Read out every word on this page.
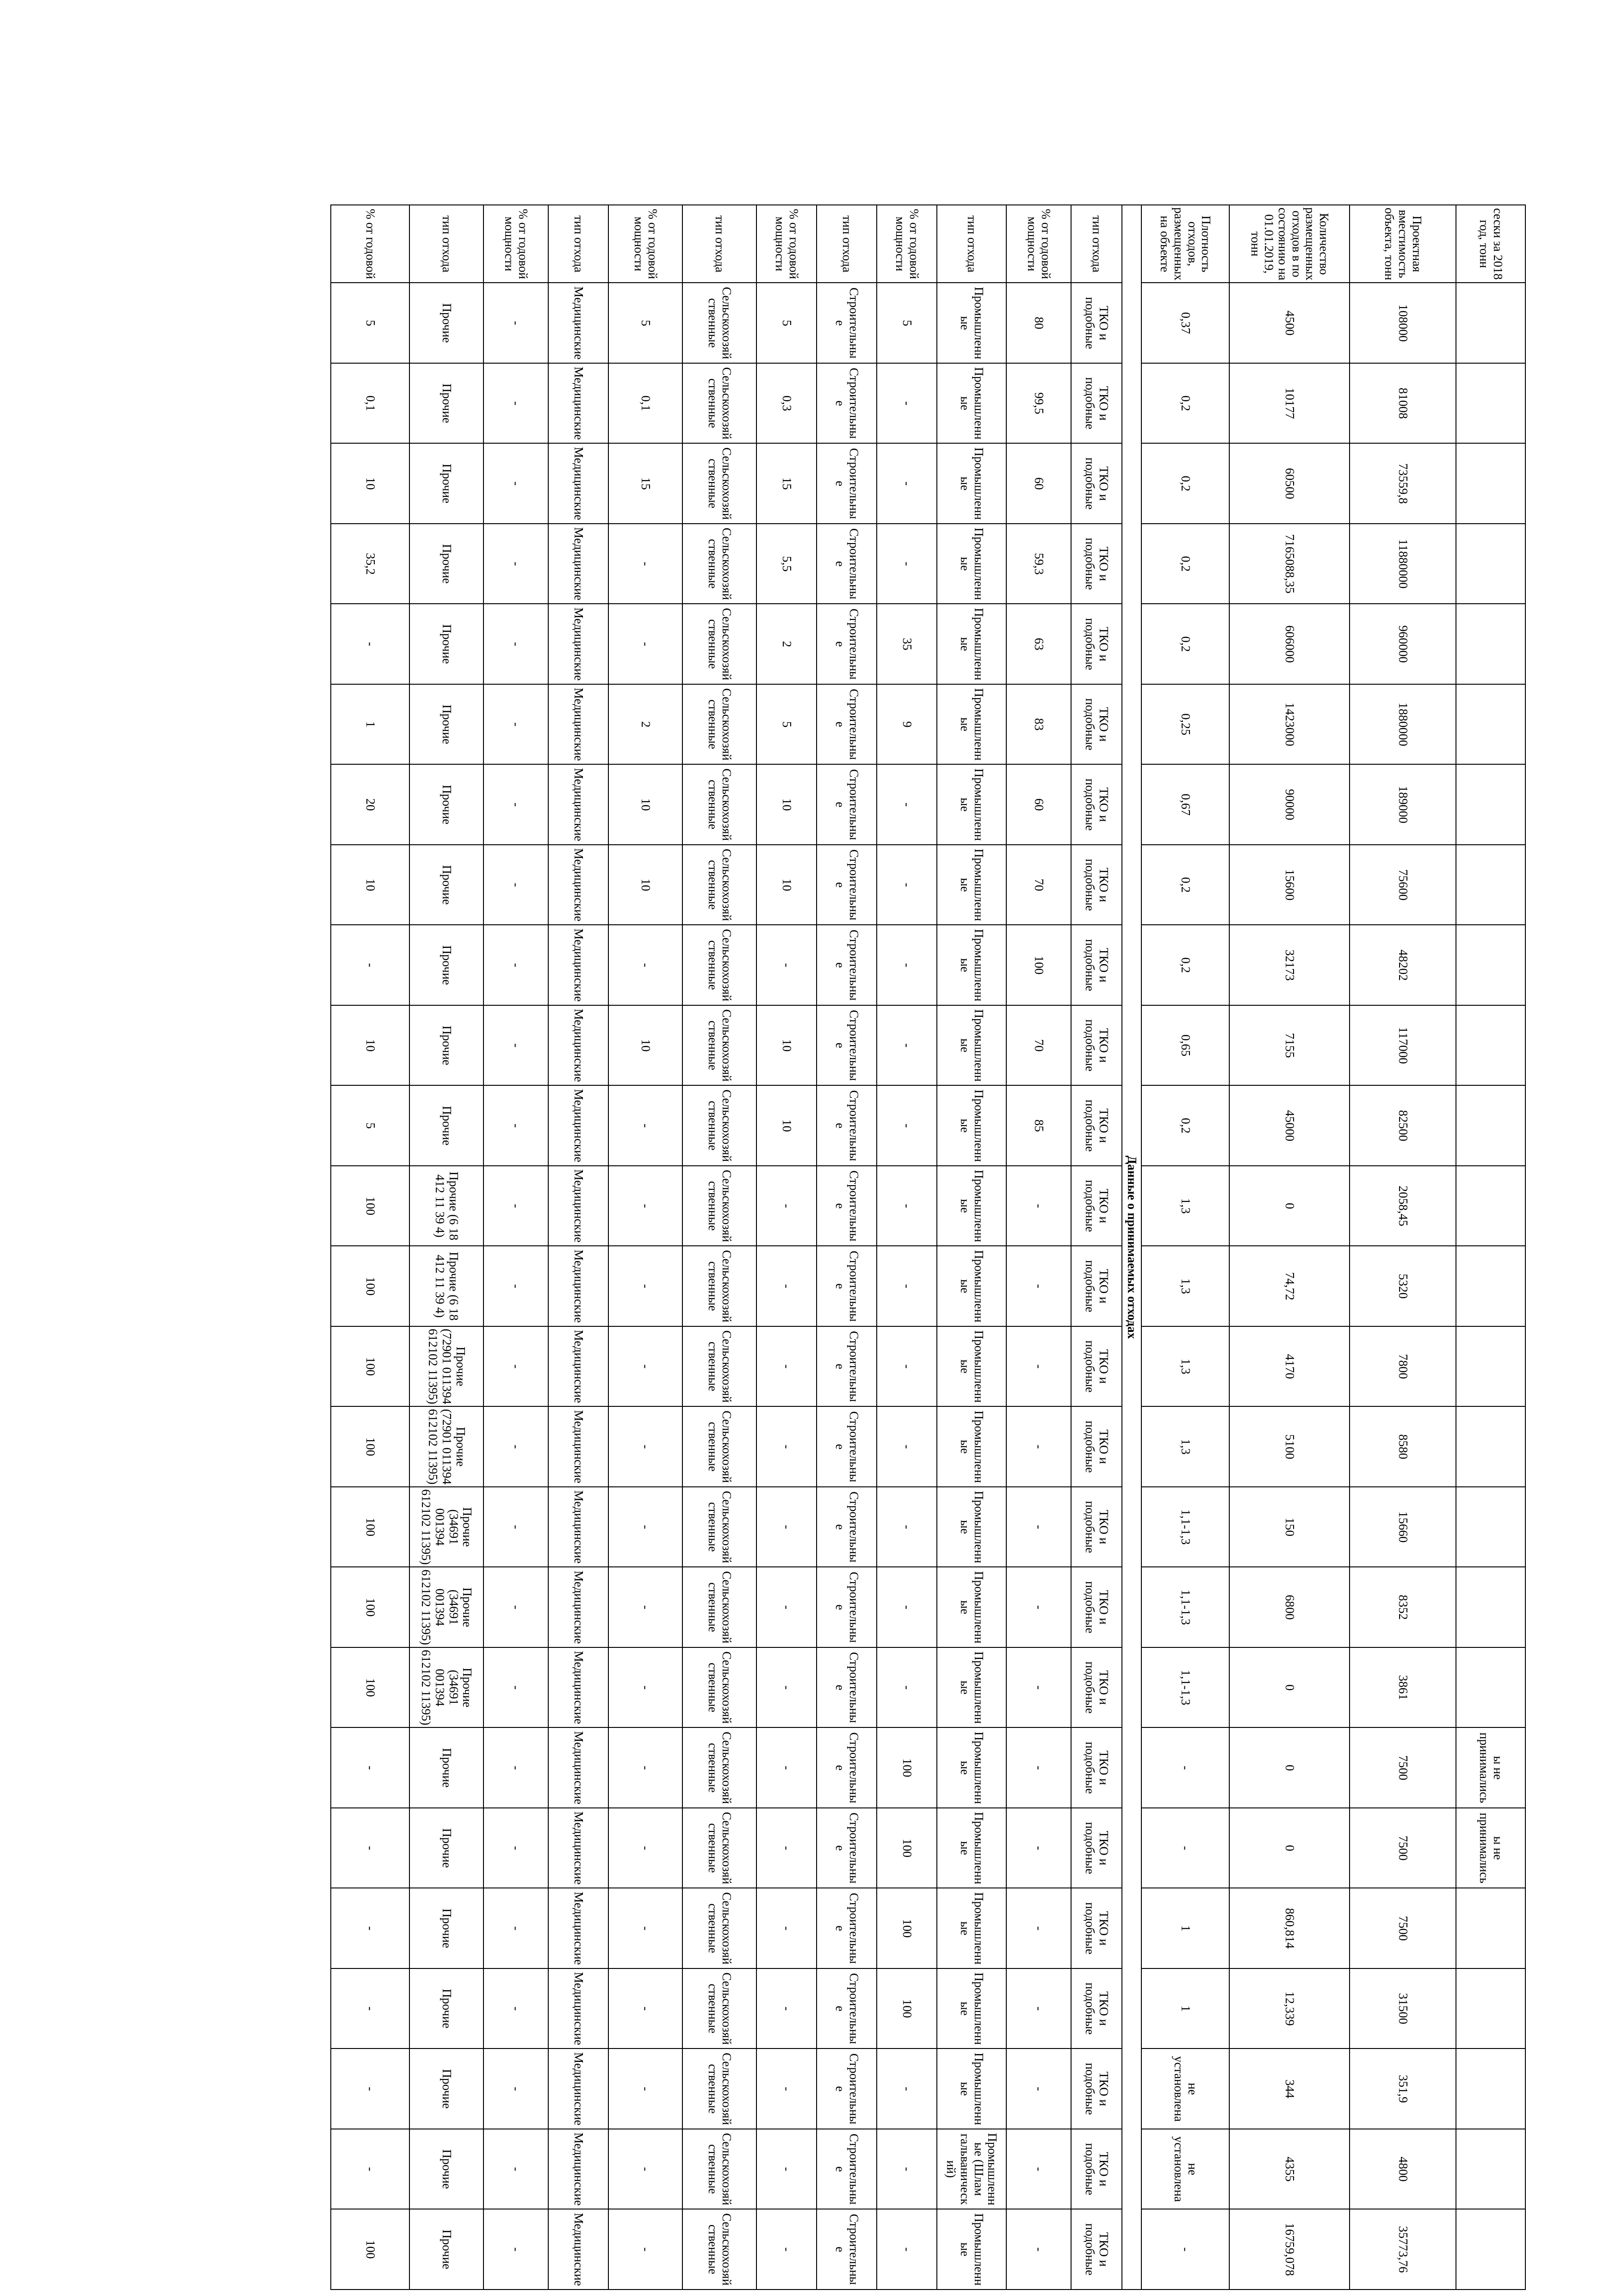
сески за 2018 год, тонн																			ы не принимались	ы не принимались					
Проектная вместимость объекта, тонн	108000	81008	73559,8	11880000	960000	1880000	189000	75600	48202	117000	82500	2058,45	5320	7800	8580	15660	8352	3861	7500	7500	7500	31500	351,9	4800	35773,76
Количество размещенных отходов в по состоянию на 01.01.2019, тонн	4500	10177	60500	7165088,35	606000	1423000	90000	15600	32173	7155	45000	0	74,72	4170	5100	150	6800	0	0	0	860,814	12,339	344	4355	16759,078
Плотность отходов, размещенных на объекте	0,37	0,2	0,2	0,2	0,2	0,25	0,67	0,2	0,2	0,65	0,2	1,3	1,3	1,3	1,3	1,1-1,3	1,1-1,3	1,1-1,3	-	-	1	1	не установлена	не установлена	-
Данные о принимаемых отходах																									
тип отхода	ТКО и подобные	ТКО и подобные	ТКО и подобные	ТКО и подобные	ТКО и подобные	ТКО и подобные	ТКО и подобные	ТКО и подобные	ТКО и подобные	ТКО и подобные	ТКО и подобные	ТКО и подобные	ТКО и подобные	ТКО и подобные	ТКО и подобные	ТКО и подобные	ТКО и подобные	ТКО и подобные	ТКО и подобные	ТКО и подобные	ТКО и подобные	ТКО и подобные	ТКО и подобные	ТКО и подобные	ТКО и подобные
% от годовой мощности	80	99,5	60	59,3	63	83	60	70	100	70	85	-	-	-	-	-	-	-	-	-	-	-	-	-	-
тип отхода	Промышленные	Промышленные	Промышленные	Промышленные	Промышленные	Промышленные	Промышленные	Промышленные	Промышленные	Промышленные	Промышленные	Промышленные	Промышленные	Промышленные	Промышленные	Промышленные	Промышленные	Промышленные	Промышленные	Промышленные	Промышленные	Промышленные	Промышленные	Промышленные (Шлам гальванический)	Промышленные
% от годовой мощности	5	-	-	-	35	9	-	-	-	-	-	-	-	-	-	-	-	-	100	100	100	100	-	-	-
тип отхода	Строительные	Строительные	Строительные	Строительные	Строительные	Строительные	Строительные	Строительные	Строительные	Строительные	Строительные	Строительные	Строительные	Строительные	Строительные	Строительные	Строительные	Строительные	Строительные	Строительные	Строительные	Строительные	Строительные	Строительные	Строительные
% от годовой мощности	5	0,3	15	5,5	2	5	10	10	-	10	10	-	-	-	-	-	-	-	-	-	-	-	-	-	-
тип отхода	Сельскохозяйственные	Сельскохозяйственные	Сельскохозяйственные	Сельскохозяйственные	Сельскохозяйственные	Сельскохозяйственные	Сельскохозяйственные	Сельскохозяйственные	Сельскохозяйственные	Сельскохозяйственные	Сельскохозяйственные	Сельскохозяйственные	Сельскохозяйственные	Сельскохозяйственные	Сельскохозяйственные	Сельскохозяйственные	Сельскохозяйственные	Сельскохозяйственные	Сельскохозяйственные	Сельскохозяйственные	Сельскохозяйственные	Сельскохозяйственные	Сельскохозяйственные	Сельскохозяйственные	Сельскохозяйственные
% от годовой мощности	5	0,1	15	-	-	2	10	10	-	10	-	-	-	-	-	-	-	-	-	-	-	-	-	-	-
тип отхода	Медицинские	Медицинские	Медицинские	Медицинские	Медицинские	Медицинские	Медицинские	Медицинские	Медицинские	Медицинские	Медицинские	Медицинские	Медицинские	Медицинские	Медицинские	Медицинские	Медицинские	Медицинские	Медицинские	Медицинские	Медицинские	Медицинские	Медицинские	Медицинские	Медицинские
% от годовой мощности	-	-	-	-	-	-	-	-	-	-	-	-	-	-	-	-	-	-	-	-	-	-	-	-	-
тип отхода	Прочие	Прочие	Прочие	Прочие	Прочие	Прочие	Прочие	Прочие	Прочие	Прочие	Прочие	Прочие (6 18 412 11 39 4)	Прочие (6 18 412 11 39 4)	Прочие (72901 011394 612102 11395)	Прочие (72901 011394 612102 11395)	Прочие (34691 001394 612102 11395)	Прочие (34691 001394 612102 11395)	Прочие (34691 001394 612102 11395)	Прочие	Прочие	Прочие	Прочие	Прочие	Прочие	Прочие
% от годовой	5	0,1	10	35,2	-	1	20	10	-	10	5	100	100	100	100	100	100	100	-	-	-	-	-	-	100
